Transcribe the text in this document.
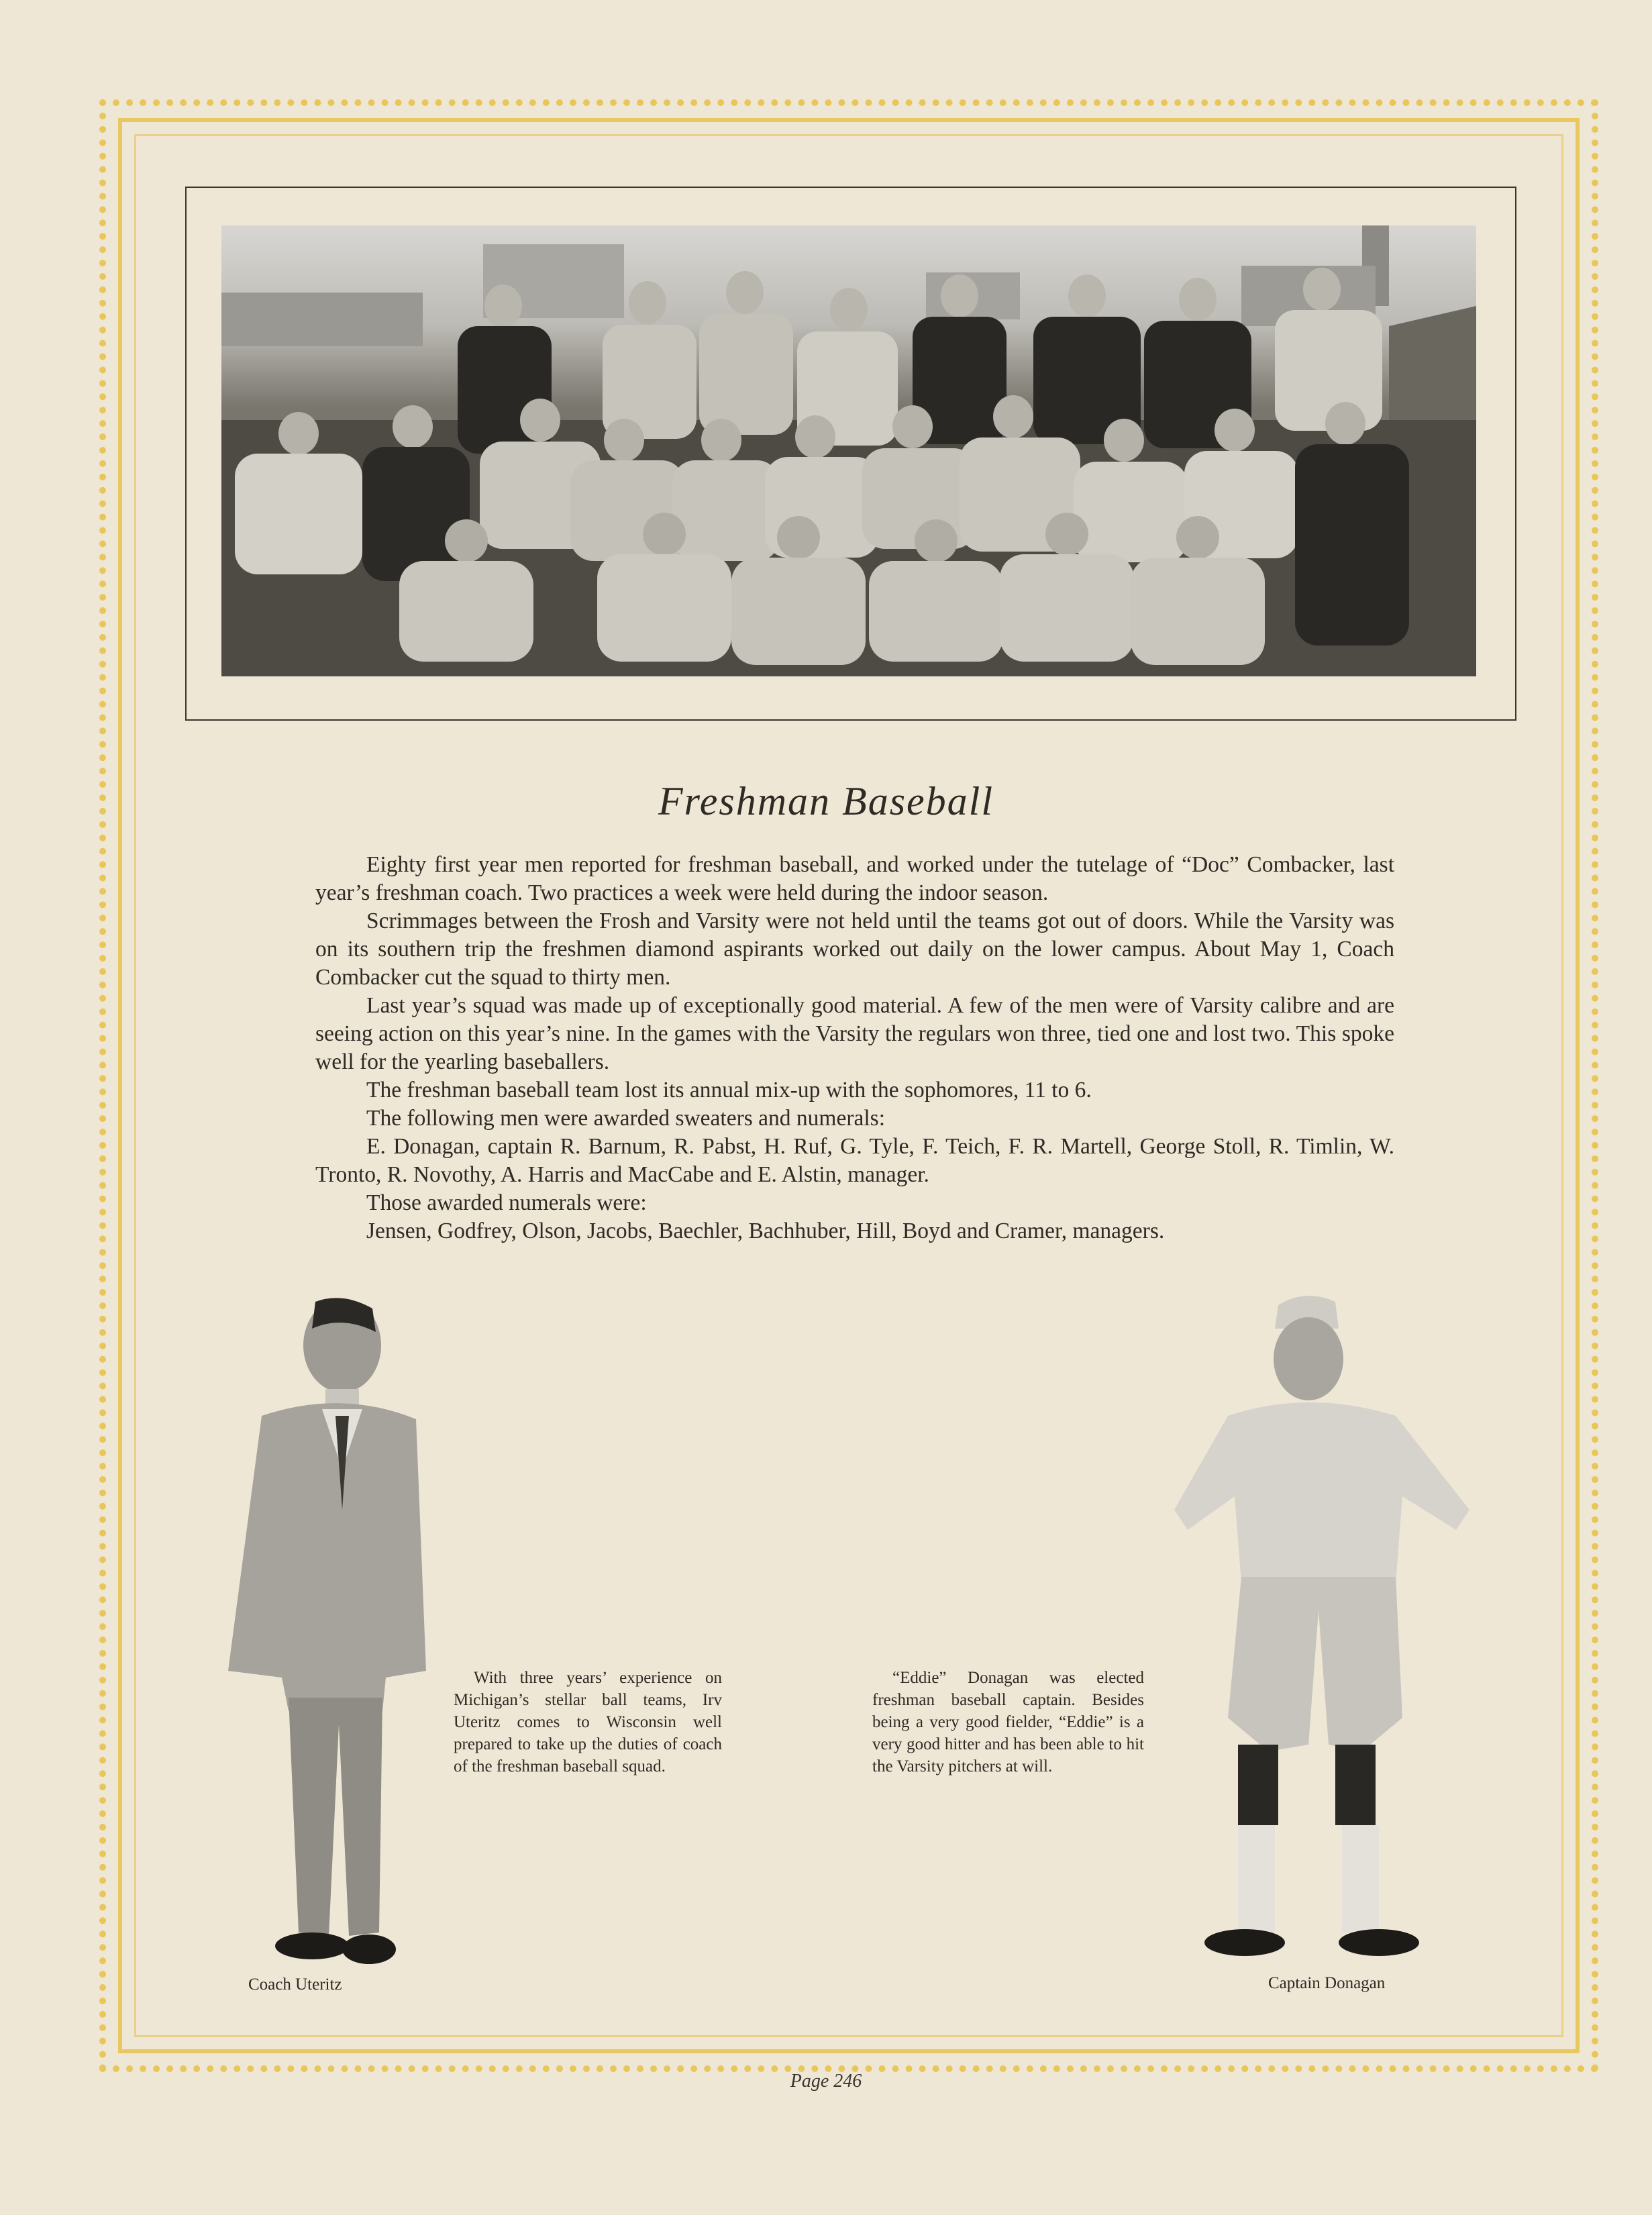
Freshman Baseball

Eighty first year men reported for freshman baseball, and worked under the tutelage of “Doc” Combacker, last year’s freshman coach. Two practices a week were held during the indoor season.

Scrimmages between the Frosh and Varsity were not held until the teams got out of doors. While the Varsity was on its southern trip the freshmen diamond aspirants worked out daily on the lower campus. About May 1, Coach Combacker cut the squad to thirty men.

Last year’s squad was made up of exceptionally good material. A few of the men were of Varsity calibre and are seeing action on this year’s nine. In the games with the Varsity the regulars won three, tied one and lost two. This spoke well for the yearling baseballers.

The freshman baseball team lost its annual mix-up with the sophomores, 11 to 6.

The following men were awarded sweaters and numerals:

E. Donagan, captain R. Barnum, R. Pabst, H. Ruf, G. Tyle, F. Teich, F. R. Martell, George Stoll, R. Timlin, W. Tronto, R. Novothy, A. Harris and MacCabe and E. Alstin, manager.

Those awarded numerals were:

Jensen, Godfrey, Olson, Jacobs, Baechler, Bachhuber, Hill, Boyd and Cramer, managers.

With three years’ experience on Michigan’s stellar ball teams, Irv Uteritz comes to Wisconsin well prepared to take up the duties of coach of the freshman baseball squad.

“Eddie” Donagan was elected freshman baseball captain. Besides being a very good fielder, “Eddie” is a very good hitter and has been able to hit the Varsity pitchers at will.

Coach Uteritz	Captain Donagan
Page 246
